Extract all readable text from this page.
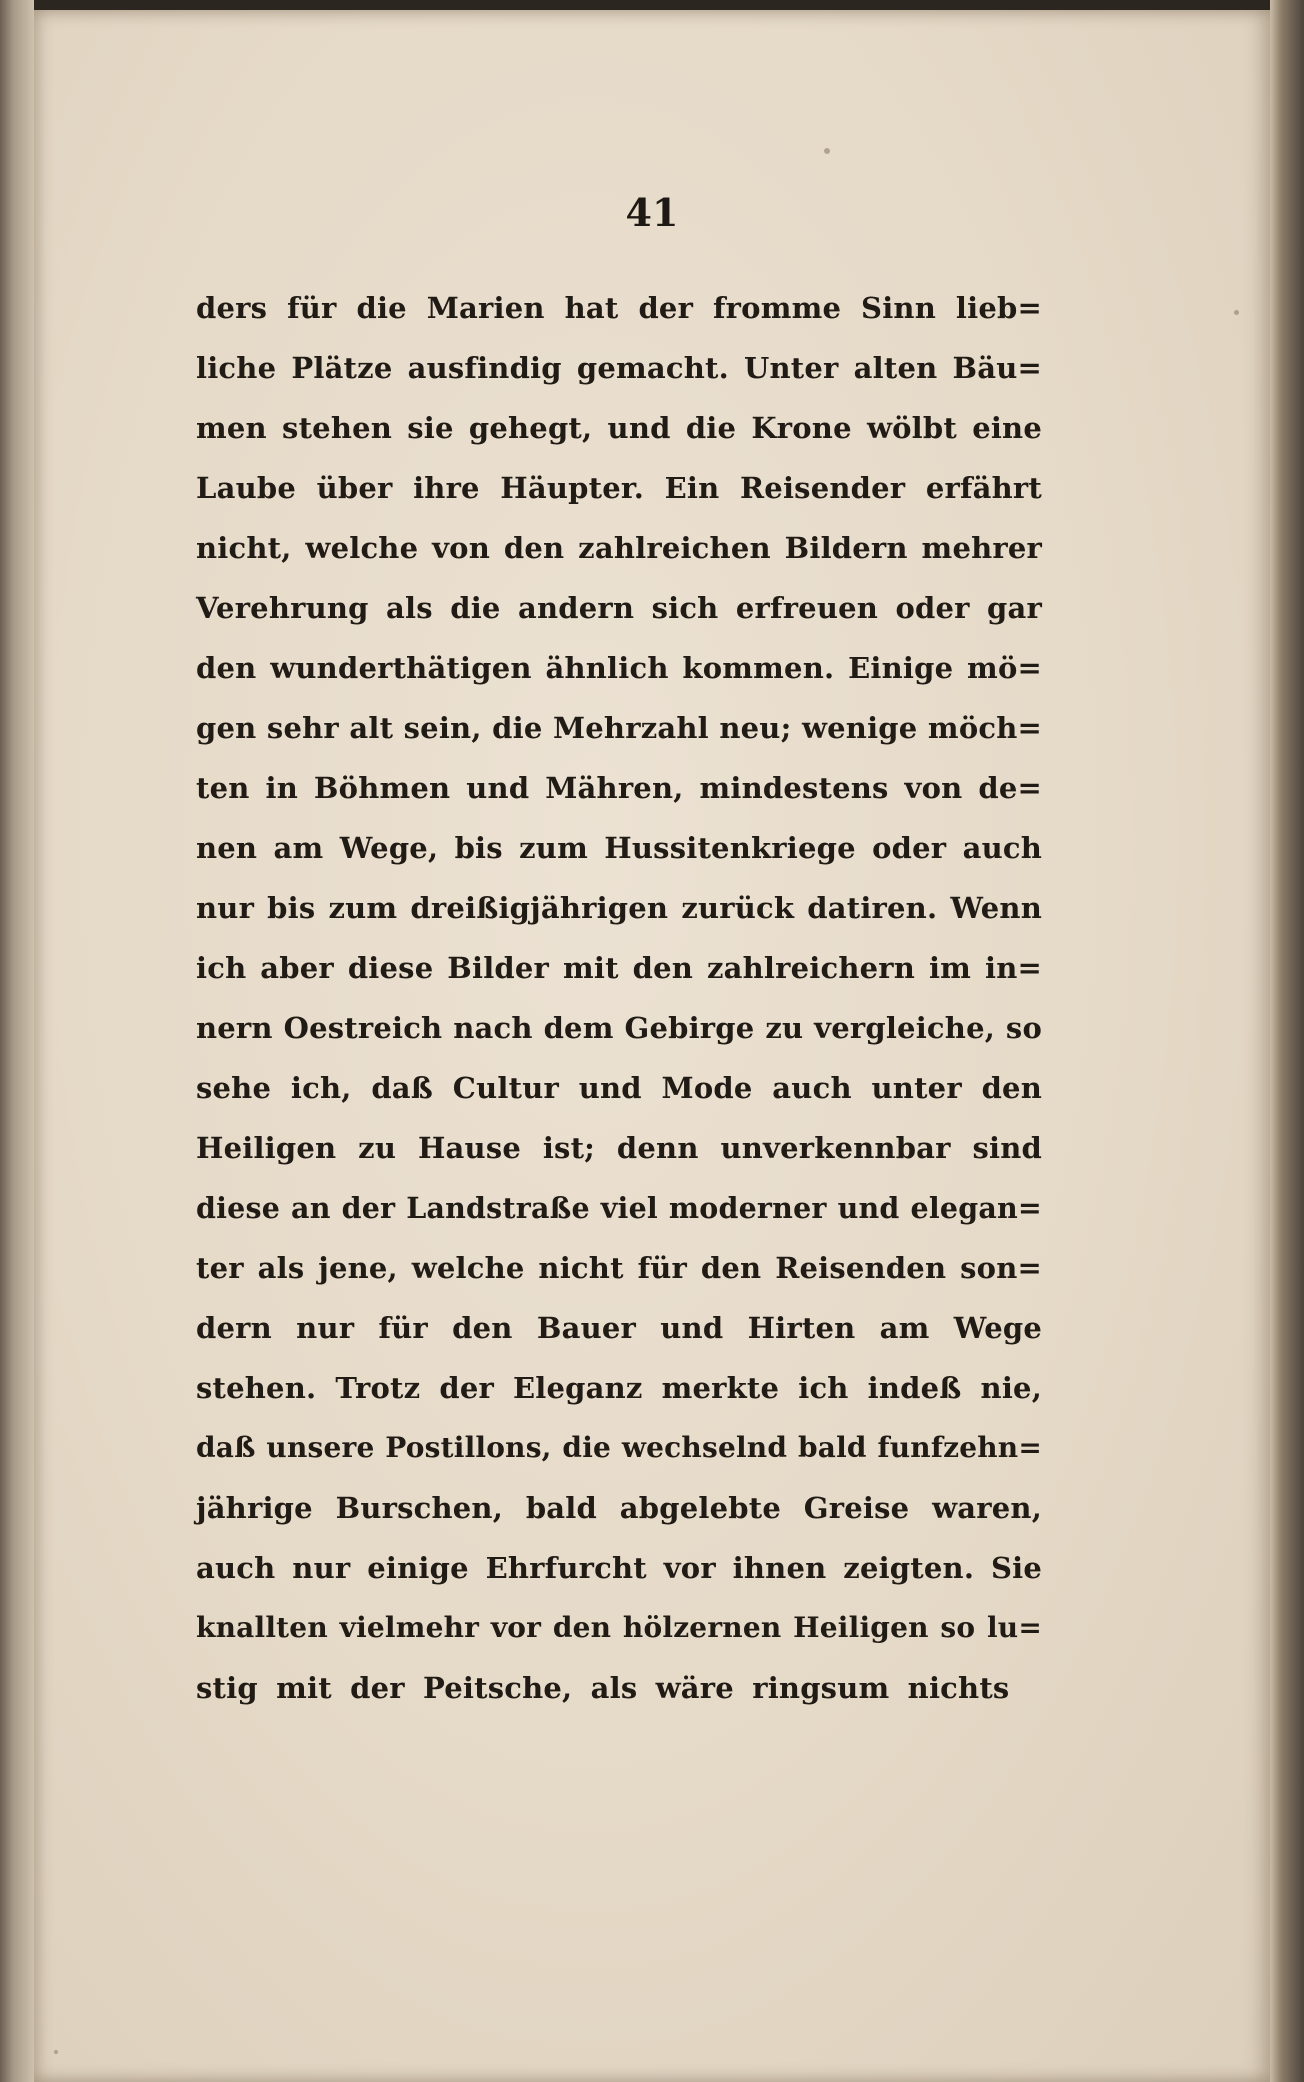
41
ders für die Marien hat der fromme Sinn lieb=
liche Plätze ausfindig gemacht. Unter alten Bäu=
men stehen sie gehegt, und die Krone wölbt eine
Laube über ihre Häupter. Ein Reisender erfährt
nicht, welche von den zahlreichen Bildern mehrer
Verehrung als die andern sich erfreuen oder gar
den wunderthätigen ähnlich kommen. Einige mö=
gen sehr alt sein, die Mehrzahl neu; wenige möch=
ten in Böhmen und Mähren, mindestens von de=
nen am Wege, bis zum Hussitenkriege oder auch
nur bis zum dreißigjährigen zurück datiren. Wenn
ich aber diese Bilder mit den zahlreichern im in=
nern Oestreich nach dem Gebirge zu vergleiche, so
sehe ich, daß Cultur und Mode auch unter den
Heiligen zu Hause ist; denn unverkennbar sind
diese an der Landstraße viel moderner und elegan=
ter als jene, welche nicht für den Reisenden son=
dern nur für den Bauer und Hirten am Wege
stehen. Trotz der Eleganz merkte ich indeß nie,
daß unsere Postillons, die wechselnd bald funfzehn=
jährige Burschen, bald abgelebte Greise waren,
auch nur einige Ehrfurcht vor ihnen zeigten. Sie
knallten vielmehr vor den hölzernen Heiligen so lu=
stig mit der Peitsche, als wäre ringsum nichts
